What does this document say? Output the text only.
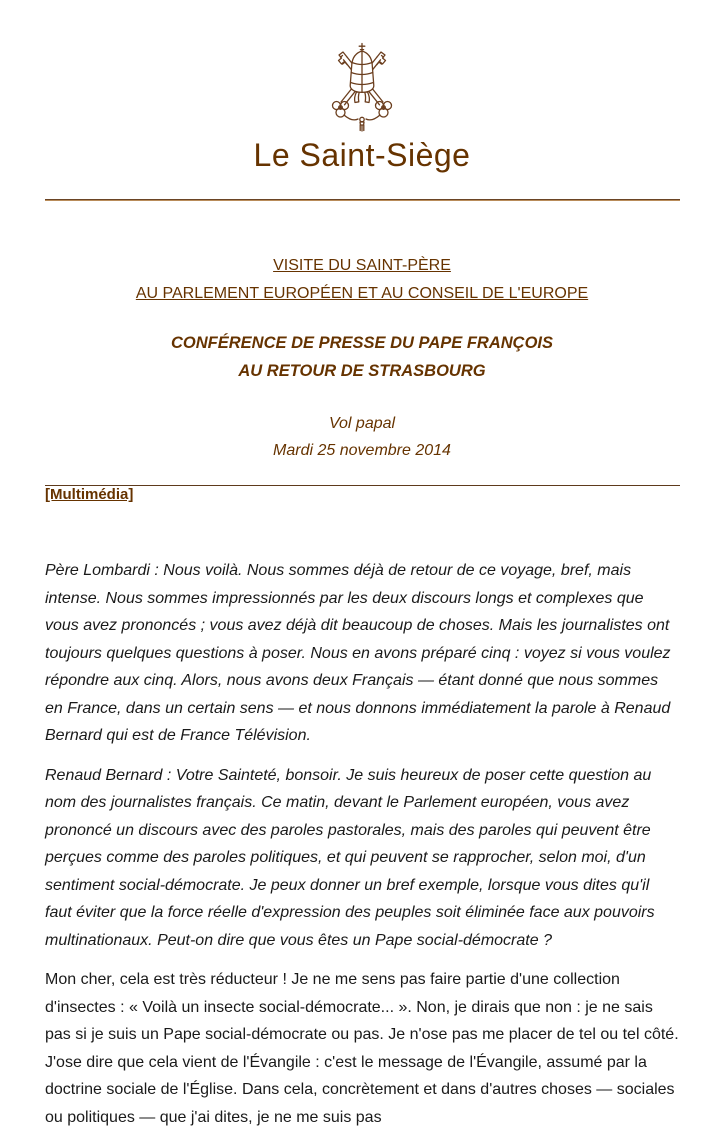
Le Saint-Siège
VISITE DU SAINT-PÈRE
AU PARLEMENT EUROPÉEN ET AU CONSEIL DE L'EUROPE
CONFÉRENCE DE PRESSE DU PAPE FRANÇOIS
AU RETOUR DE STRASBOURG
Vol papal
Mardi 25 novembre 2014
[Multimédia]

Père Lombardi : Nous voilà. Nous sommes déjà de retour de ce voyage, bref, mais intense. Nous sommes impressionnés par les deux discours longs et complexes que vous avez prononcés ; vous avez déjà dit beaucoup de choses. Mais les journalistes ont toujours quelques questions à poser. Nous en avons préparé cinq : voyez si vous voulez répondre aux cinq. Alors, nous avons deux Français — étant donné que nous sommes en France, dans un certain sens — et nous donnons immédiatement la parole à Renaud Bernard qui est de France Télévision.

Renaud Bernard : Votre Sainteté, bonsoir. Je suis heureux de poser cette question au nom des journalistes français. Ce matin, devant le Parlement européen, vous avez prononcé un discours avec des paroles pastorales, mais des paroles qui peuvent être perçues comme des paroles politiques, et qui peuvent se rapprocher, selon moi, d'un sentiment social-démocrate. Je peux donner un bref exemple, lorsque vous dites qu'il faut éviter que la force réelle d'expression des peuples soit éliminée face aux pouvoirs multinationaux. Peut-on dire que vous êtes un Pape social-démocrate ?

Mon cher, cela est très réducteur ! Je ne me sens pas faire partie d'une collection d'insectes : « Voilà un insecte social-démocrate... ». Non, je dirais que non : je ne sais pas si je suis un Pape social-démocrate ou pas. Je n'ose pas me placer de tel ou tel côté. J'ose dire que cela vient de l'Évangile : c'est le message de l'Évangile, assumé par la doctrine sociale de l'Église. Dans cela, concrètement et dans d'autres choses — sociales ou politiques — que j'ai dites, je ne me suis pas
